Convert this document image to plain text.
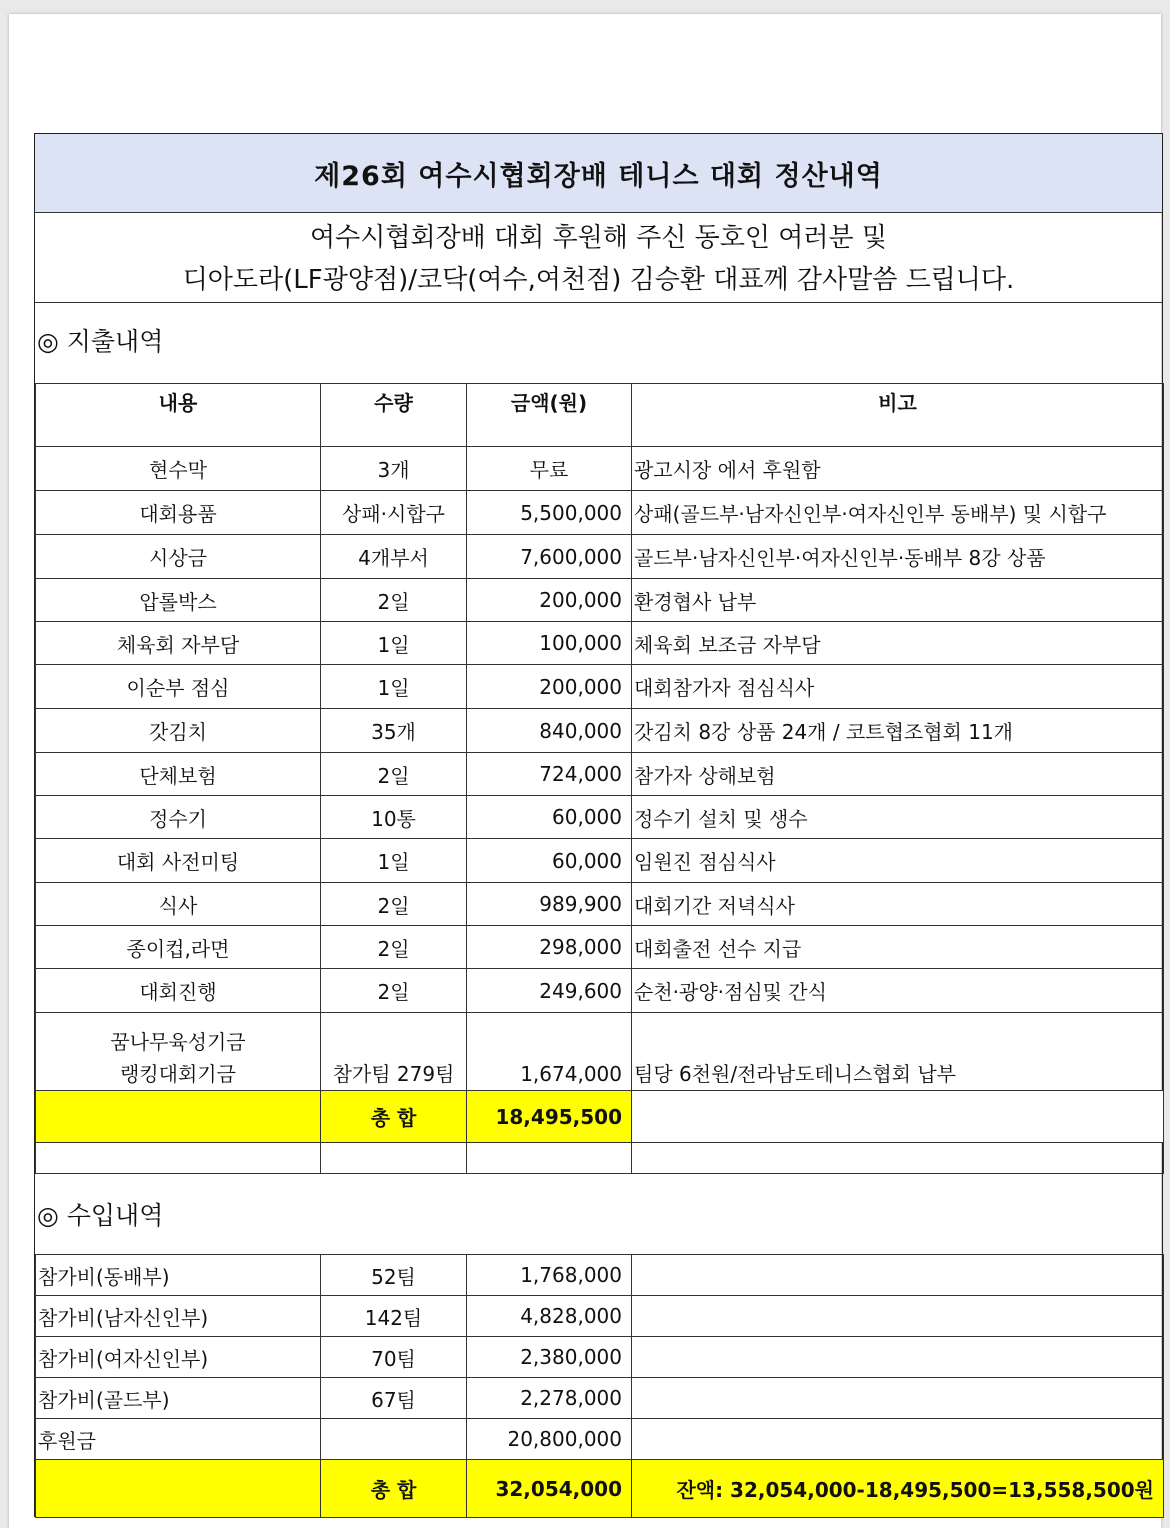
제26회 여수시협회장배 테니스 대회 정산내역
여수시협회장배 대회 후원해 주신 동호인 여러분 및
디아도라(LF광양점)/코닥(여수,여천점) 김승환 대표께 감사말씀 드립니다.
◎ 지출내역
내용	수량	금액(원)	비고
현수막	3개	무료	광고시장 에서 후원함
대회용품	상패·시합구	5,500,000	상패(골드부·남자신인부·여자신인부 동배부) 및 시합구
시상금	4개부서	7,600,000	골드부·남자신인부·여자신인부·동배부 8강 상품
압롤박스	2일	200,000	환경협사 납부
체육회 자부담	1일	100,000	체육회 보조금 자부담
이순부 점심	1일	200,000	대회참가자 점심식사
갓김치	35개	840,000	갓김치 8강 상품 24개 / 코트협조협회 11개
단체보험	2일	724,000	참가자 상해보험
정수기	10통	60,000	정수기 설치 및 생수
대회 사전미팅	1일	60,000	임원진 점심식사
식사	2일	989,900	대회기간 저녁식사
종이컵,라면	2일	298,000	대회출전 선수 지급
대회진행	2일	249,600	순천·광양·점심및 간식

꿈나무육성기금
랭킹대회기금	참가팀 279팀	1,674,000	팀당 6천원/전라남도테니스협회 납부
	총 합	18,495,500	

◎ 수입내역
참가비(동배부)	52팀	1,768,000	
참가비(남자신인부)	142팀	4,828,000	
참가비(여자신인부)	70팀	2,380,000	
참가비(골드부)	67팀	2,278,000	
후원금		20,800,000	
	총 합	32,054,000	잔액: 32,054,000-18,495,500=13,558,500원
